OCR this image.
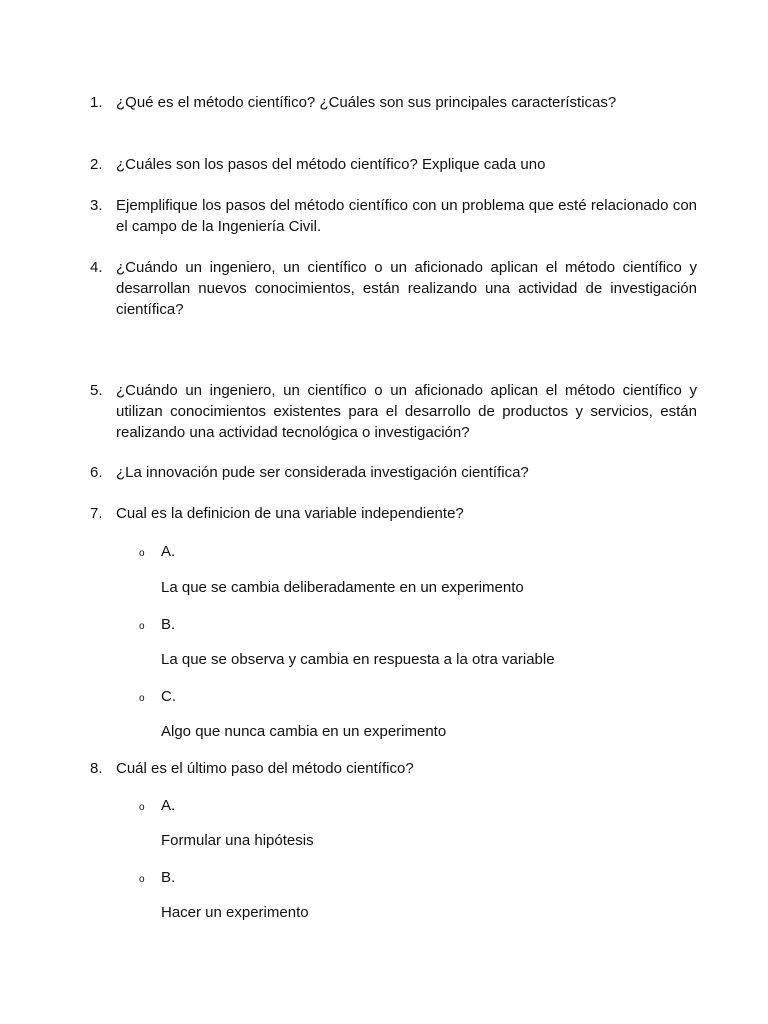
1. ¿Qué es el método científico? ¿Cuáles son sus principales características?
2. ¿Cuáles son los pasos del método científico? Explique cada uno
3. Ejemplifique los pasos del método científico con un problema que esté relacionado con el campo de la Ingeniería Civil.
4. ¿Cuándo un ingeniero, un científico o un aficionado aplican el método científico y desarrollan nuevos conocimientos, están realizando una actividad de investigación científica?
5. ¿Cuándo un ingeniero, un científico o un aficionado aplican el método científico y utilizan conocimientos existentes para el desarrollo de productos y servicios, están realizando una actividad tecnológica o investigación?
6. ¿La innovación pude ser considerada investigación científica?
7. Cual es la definicion de una variable independiente?
o	A.
La que se cambia deliberadamente en un experimento
o	B.
La que se observa y cambia en respuesta a la otra variable
o	C.
Algo que nunca cambia en un experimento
8. Cuál es el último paso del método científico?
o	A.
Formular una hipótesis
o	B.
Hacer un experimento
